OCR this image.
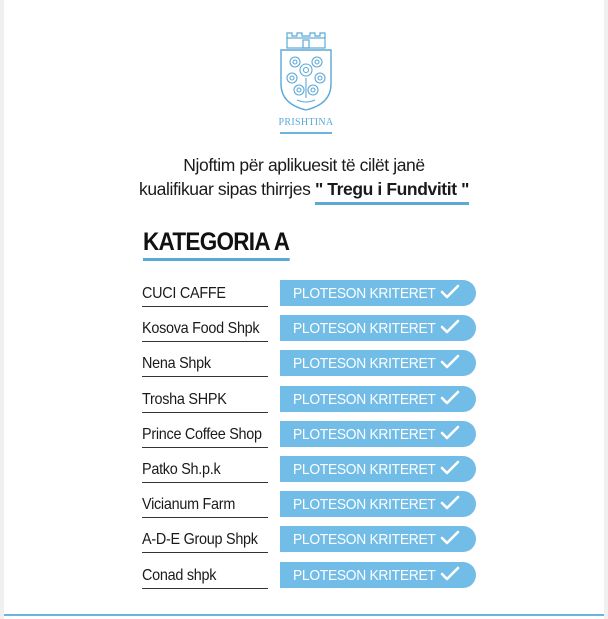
PRISHTINA
Njoftim për aplikuesit të cilët janë
kualifikuar sipas thirrjes " Tregu i Fundvitit "
KATEGORIA A
CUCI CAFFE	PLOTESON KRITERET
Kosova Food Shpk	PLOTESON KRITERET
Nena Shpk	PLOTESON KRITERET
Trosha SHPK	PLOTESON KRITERET
Prince Coffee Shop	PLOTESON KRITERET
Patko Sh.p.k	PLOTESON KRITERET
Vicianum Farm	PLOTESON KRITERET
A-D-E Group Shpk	PLOTESON KRITERET
Conad shpk	PLOTESON KRITERET
